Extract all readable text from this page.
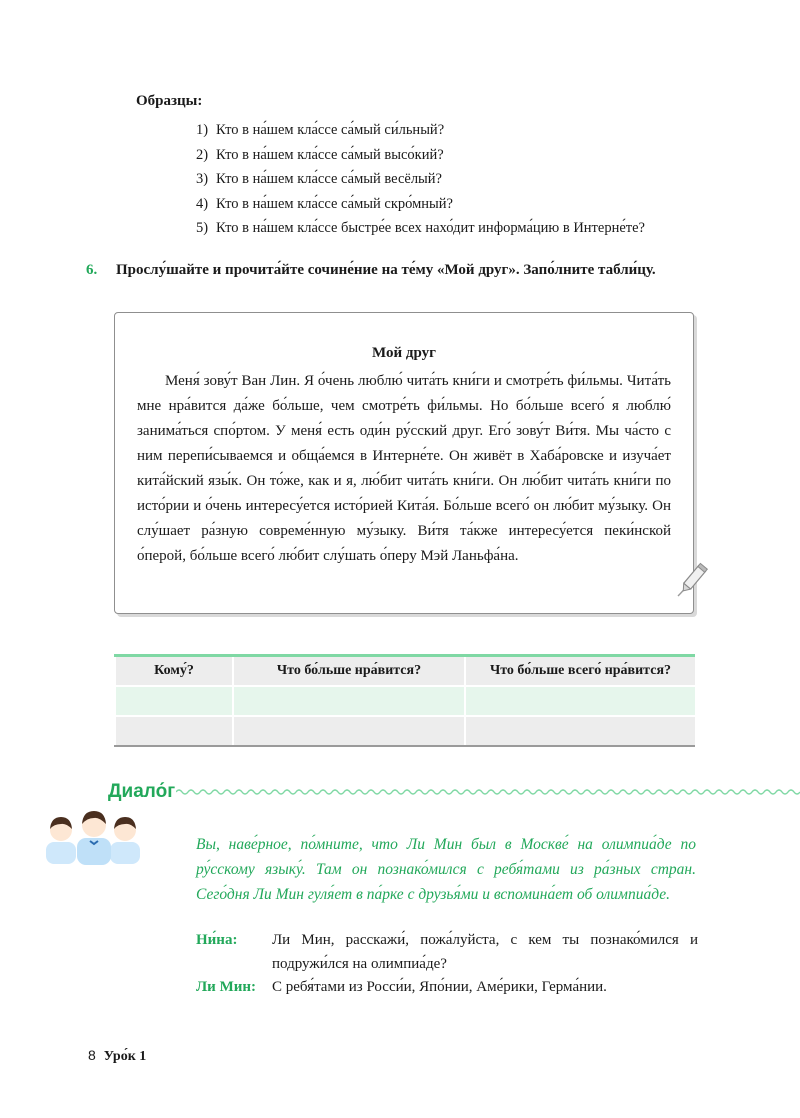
Образцы:
1) Кто в на́шем кла́ссе са́мый си́льный?
2) Кто в на́шем кла́ссе са́мый высо́кий?
3) Кто в на́шем кла́ссе са́мый весёлый?
4) Кто в на́шем кла́ссе са́мый скро́мный?
5) Кто в на́шем кла́ссе быстре́е всех нахо́дит информа́цию в Интерне́те?
6. Прослу́шайте и прочита́йте сочине́ние на те́му «Мой друг». Запо́лните табли́цу.
Мой друг
Меня́ зову́т Ван Лин. Я о́чень люблю́ чита́ть кни́ги и смотре́ть фи́льмы. Чита́ть мне нра́вится да́же бо́льше, чем смотре́ть фи́льмы. Но бо́льше всего́ я люблю́ занима́ться спо́ртом. У меня́ есть оди́н ру́сский друг. Его́ зову́т Ви́тя. Мы ча́сто с ним перепи́сываемся и обща́емся в Интерне́те. Он живёт в Хаба́ровске и изуча́ет кита́йский язы́к. Он то́же, как и я, лю́бит чита́ть кни́ги. Он лю́бит чита́ть кни́ги по исто́рии и о́чень интересу́ется исто́рией Кита́я. Бо́льше всего́ он лю́бит му́зыку. Он слу́шает ра́зную совреме́нную му́зыку. Ви́тя та́кже интересу́ется пеки́нской о́перой, бо́льше всего́ лю́бит слу́шать о́перу Мэй Ланьфа́на.
Кому́?	Что бо́льше нра́вится?	Что бо́льше всего́ нра́вится?

Диало́г
Вы, наве́рное, по́мните, что Ли Мин был в Москве́ на олимпиа́де по ру́сскому языку́. Там он познако́мился с ребя́тами из ра́зных стран. Сего́дня Ли Мин гуля́ет в па́рке с друзья́ми и вспомина́ет об олимпиа́де.
Ни́на: Ли Мин, расскажи́, пожа́луйста, с кем ты познако́мился и подружи́лся на олимпиа́де?
Ли Мин: С ребя́тами из Росси́и, Япо́нии, Аме́рики, Герма́нии.
8 Уро́к 1
